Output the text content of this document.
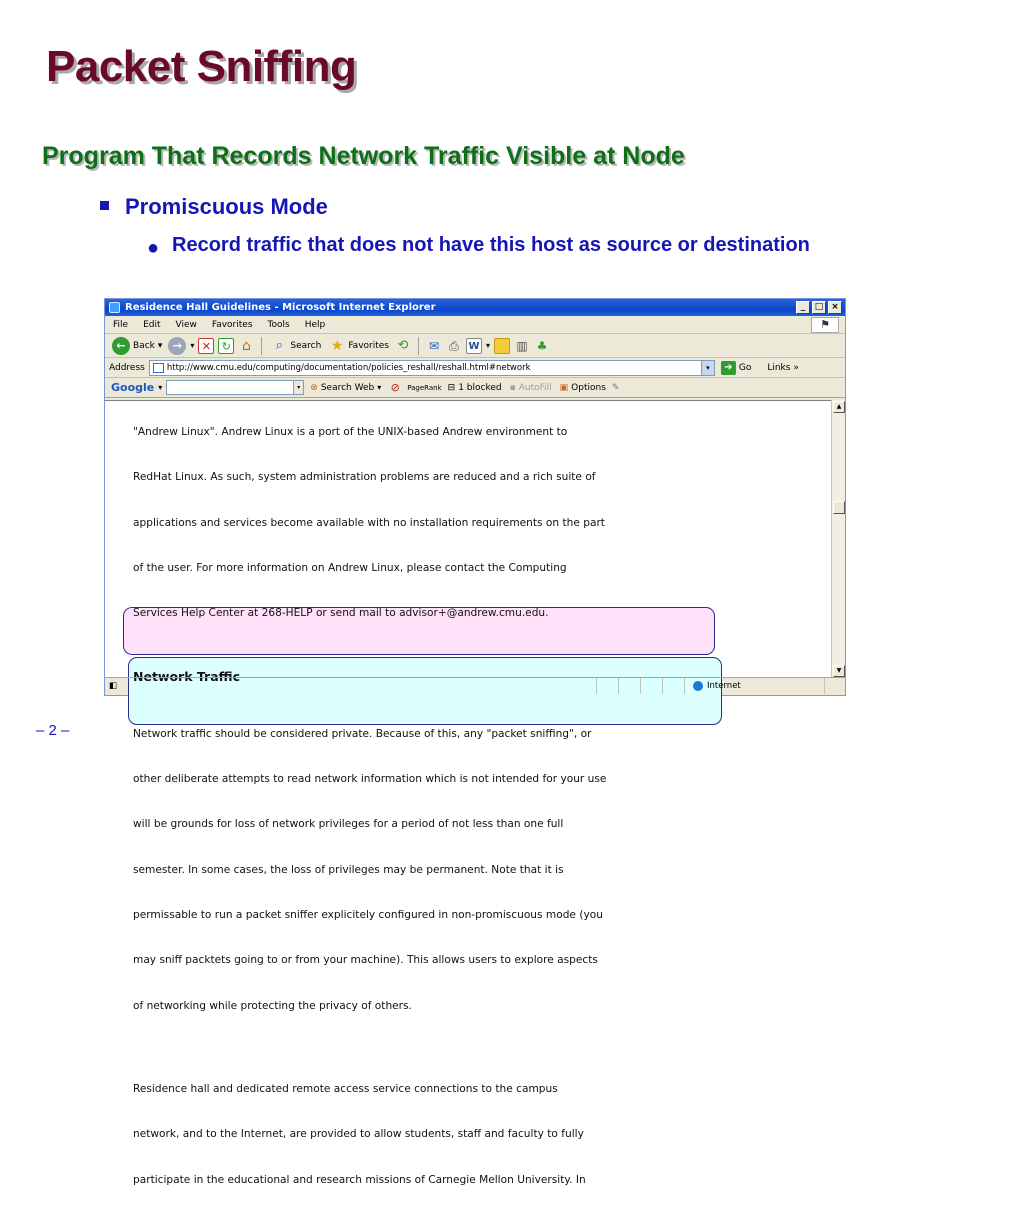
Packet Sniffing
Program That Records Network Traffic Visible at Node
Promiscuous Mode
● Record traffic that does not have this host as source or destination
Residence Hall Guidelines - Microsoft Internet Explorer	_	□ ×
File Edit View Favorites Tools Help	⚑
← Back ▾ →	▾ ✕ ↻ ⌂	⌕ Search ★ Favorites ⟲ ✉ ⎙ W ▾ ▥ ♣
Address	http://www.cmu.edu/computing/documentation/policies_reshall/reshall.html#network	▾	➔ Go Links »
Google ▾	▾	⊗ Search Web ▾ ⊘	PageRank ⊟ 1 blocked ▪ AutoFill ▣ Options ✎

"Andrew Linux". Andrew Linux is a port of the UNIX-based Andrew environment to

RedHat Linux. As such, system administration problems are reduced and a rich suite of

applications and services become available with no installation requirements on the part

of the user. For more information on Andrew Linux, please contact the Computing

Services Help Center at 268-HELP or send mail to advisor+@andrew.cmu.edu.

Network Traffic

Network traffic should be considered private. Because of this, any "packet sniffing", or

other deliberate attempts to read network information which is not intended for your use

will be grounds for loss of network privileges for a period of not less than one full

semester. In some cases, the loss of privileges may be permanent. Note that it is

permissable to run a packet sniffer explicitely configured in non-promiscuous mode (you

may sniff packtets going to or from your machine). This allows users to explore aspects

of networking while protecting the privacy of others.

Residence hall and dedicated remote access service connections to the campus

network, and to the Internet, are provided to allow students, staff and faculty to fully

participate in the educational and research missions of Carnegie Mellon University. In

▲
▼
◧	Internet
– 2 –
